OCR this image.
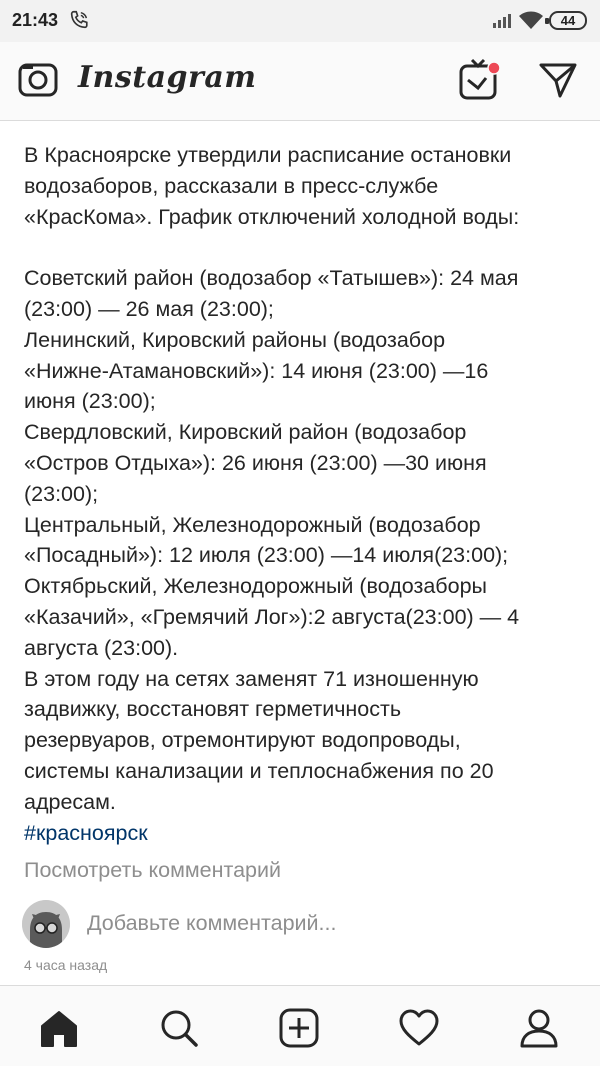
21:43	44
Instagram

В Красноярске утвердили расписание остановки
водозаборов, рассказали в пресс-службе
«КрасКома». График отключений холодной воды:

Советский район (водозабор «Татышев»): 24 мая
(23:00) — 26 мая (23:00);
Ленинский, Кировский районы (водозабор
«Нижне-Атамановский»): 14 июня (23:00) —16
июня (23:00);
Свердловский, Кировский район (водозабор
«Остров Отдыха»): 26 июня (23:00) —30 июня
(23:00);
Центральный, Железнодорожный (водозабор
«Посадный»): 12 июля (23:00) —14 июля(23:00);
Октябрьский, Железнодорожный (водозаборы
«Казачий», «Гремячий Лог»):2 августа(23:00) — 4
августа (23:00).
В этом году на сетях заменят 71 изношенную
задвижку, восстановят герметичность
резервуаров, отремонтируют водопроводы,
системы канализации и теплоснабжения по 20
адресам.

#красноярск
Посмотреть комментарий
Добавьте комментарий...
4 часа назад
